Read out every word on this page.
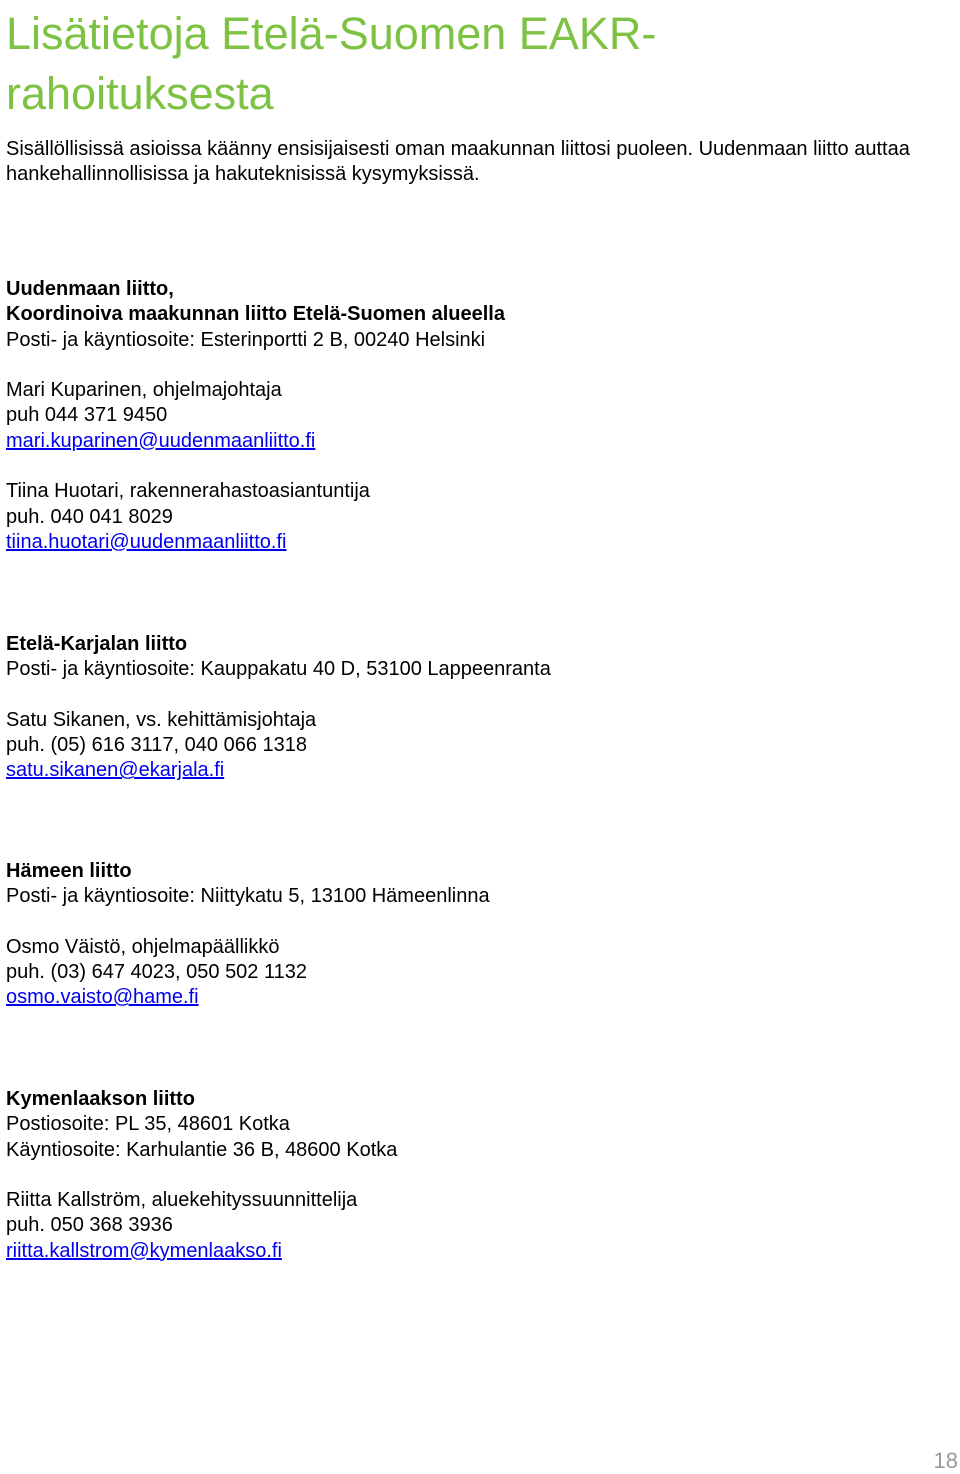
Lisätietoja Etelä-Suomen EAKR-rahoituksesta

Sisällöllisissä asioissa käänny ensisijaisesti oman maakunnan liittosi puoleen. Uudenmaan liitto auttaa hankehallinnollisissa ja hakuteknisissä kysymyksissä.

Uudenmaan liitto,

Koordinoiva maakunnan liitto Etelä-Suomen alueella

Posti- ja käyntiosoite: Esterinportti 2 B, 00240 Helsinki

Mari Kuparinen, ohjelmajohtaja

puh 044 371 9450

mari.kuparinen@uudenmaanliitto.fi

Tiina Huotari, rakennerahastoasiantuntija

puh. 040 041 8029

tiina.huotari@uudenmaanliitto.fi

Etelä-Karjalan liitto

Posti- ja käyntiosoite: Kauppakatu 40 D, 53100 Lappeenranta

Satu Sikanen, vs. kehittämisjohtaja

puh. (05) 616 3117, 040 066 1318

satu.sikanen@ekarjala.fi

Hämeen liitto

Posti- ja käyntiosoite: Niittykatu 5, 13100 Hämeenlinna

Osmo Väistö, ohjelmapäällikkö

puh. (03) 647 4023, 050 502 1132

osmo.vaisto@hame.fi

Kymenlaakson liitto

Postiosoite: PL 35, 48601 Kotka

Käyntiosoite: Karhulantie 36 B, 48600 Kotka

Riitta Kallström, aluekehityssuunnittelija

puh. 050 368 3936

riitta.kallstrom@kymenlaakso.fi

18
